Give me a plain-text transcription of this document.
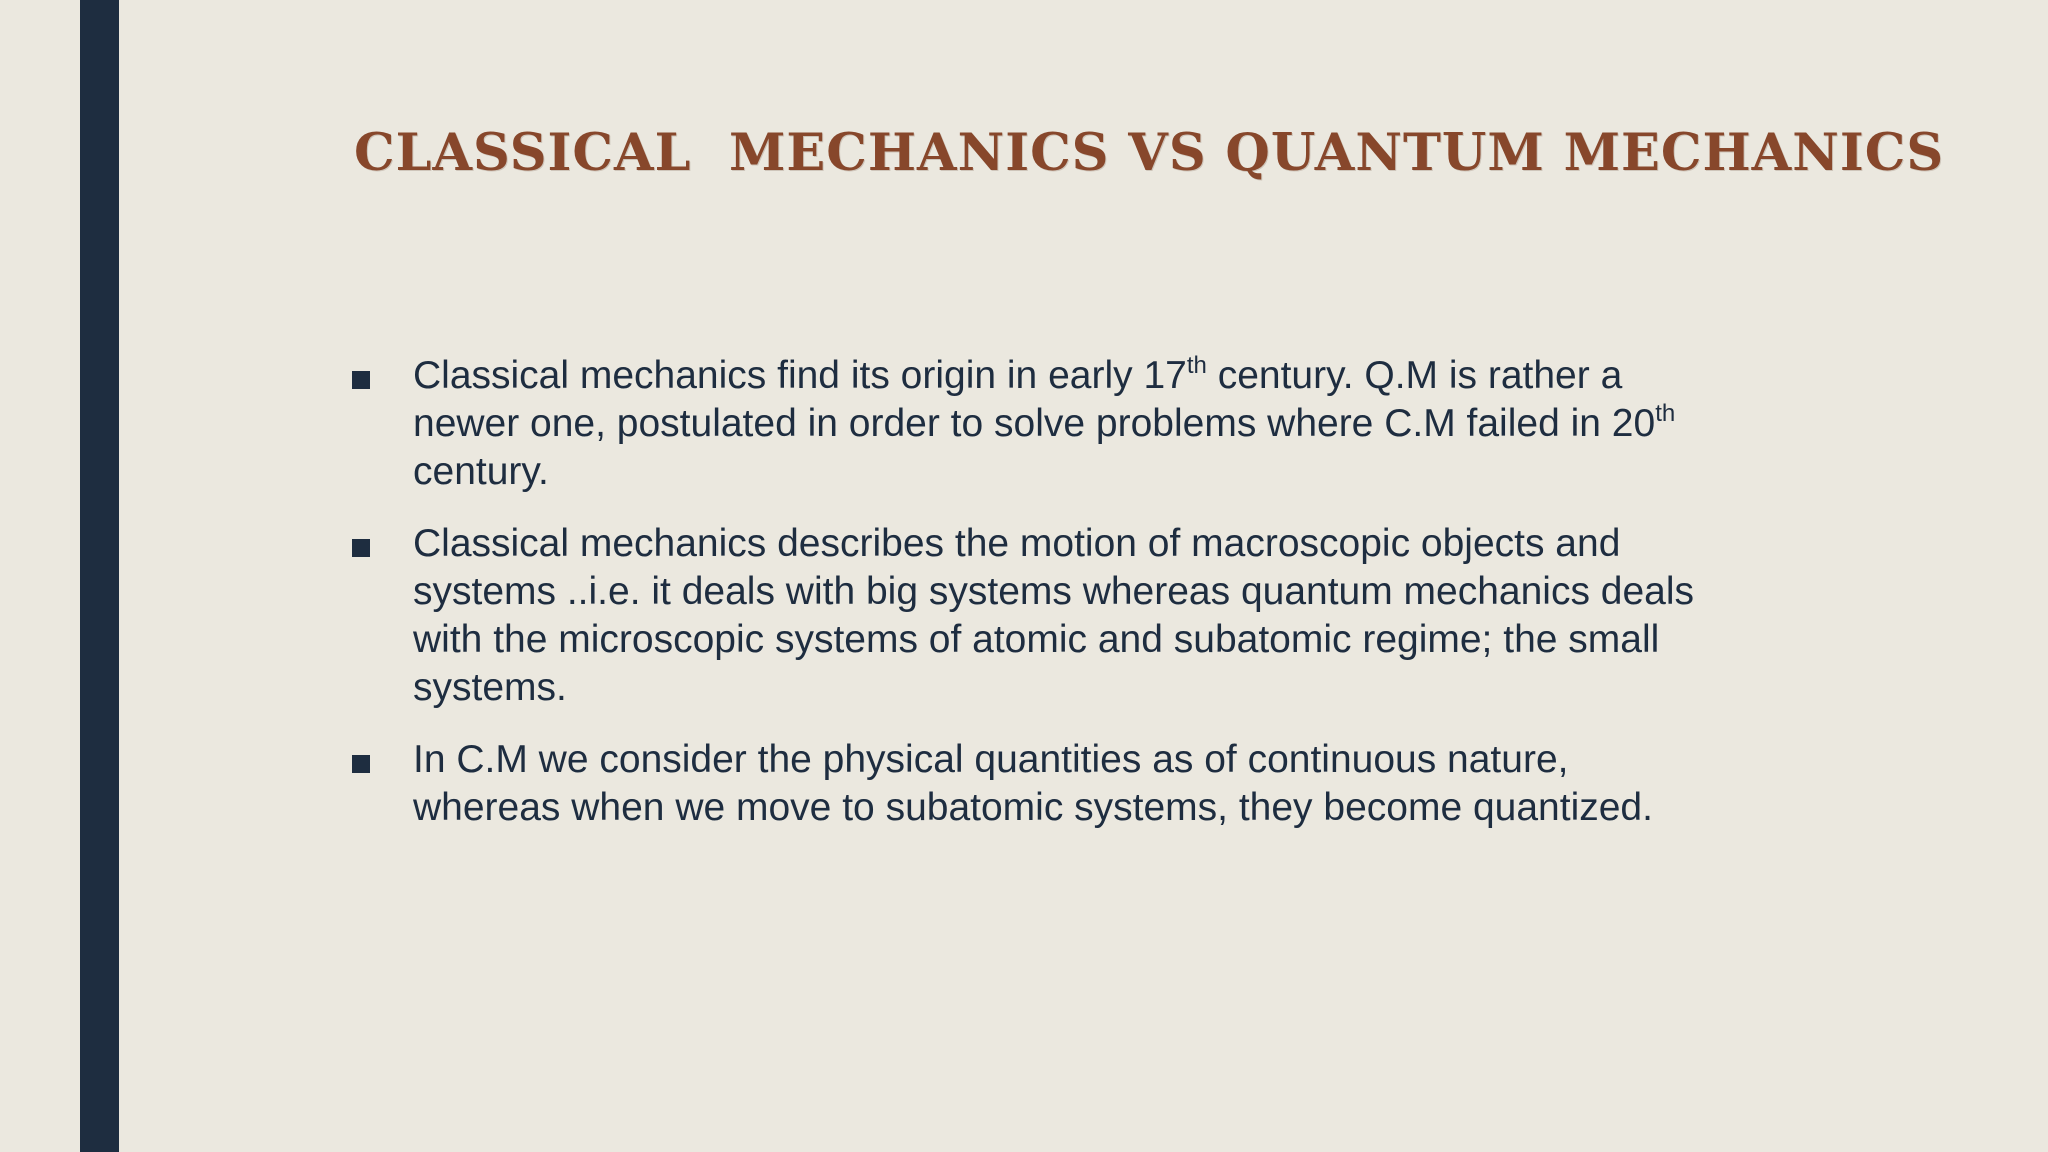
CLASSICAL  MECHANICS VS QUANTUM MECHANICS
Classical mechanics find its origin in early 17th century. Q.M is rather a newer one, postulated in order to solve problems where C.M failed in 20th century.
Classical mechanics describes the motion of macroscopic objects and systems ..i.e. it deals with big systems whereas quantum mechanics deals with the microscopic systems of atomic and subatomic regime; the small systems.
In C.M we consider the physical quantities as of continuous nature, whereas when we move to subatomic systems, they become quantized.
